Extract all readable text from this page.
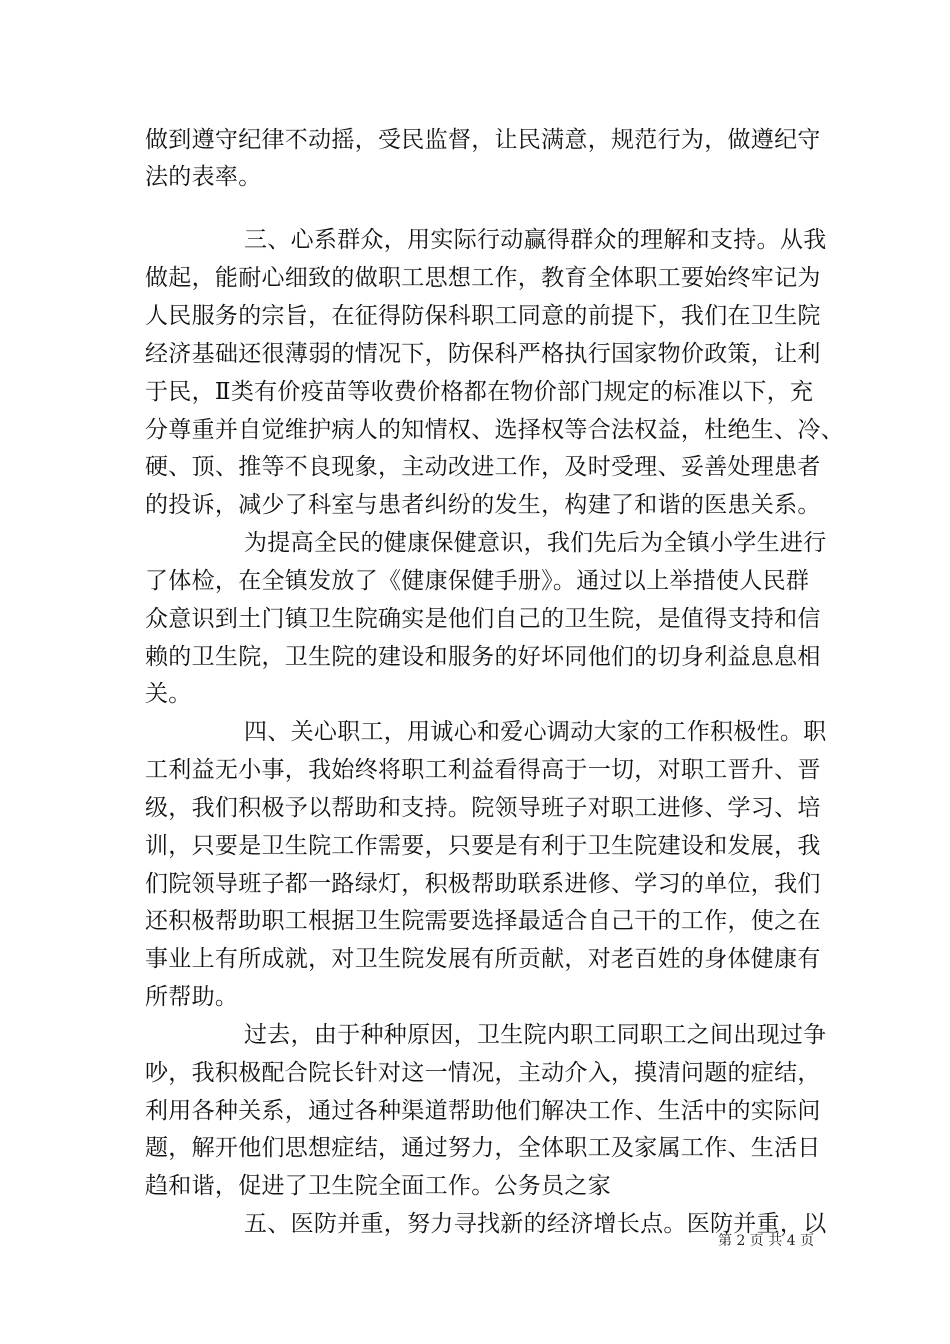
做到遵守纪律不动摇，受民监督，让民满意，规范行为，做遵纪守
法的表率。
三、心系群众，用实际行动赢得群众的理解和支持。从我
做起，能耐心细致的做职工思想工作，教育全体职工要始终牢记为
人民服务的宗旨，在征得防保科职工同意的前提下，我们在卫生院
经济基础还很薄弱的情况下，防保科严格执行国家物价政策，让利
于民，Ⅱ类有价疫苗等收费价格都在物价部门规定的标准以下，充
分尊重并自觉维护病人的知情权、选择权等合法权益，杜绝生、冷、
硬、顶、推等不良现象，主动改进工作，及时受理、妥善处理患者
的投诉，减少了科室与患者纠纷的发生，构建了和谐的医患关系。
为提高全民的健康保健意识，我们先后为全镇小学生进行
了体检，在全镇发放了《健康保健手册》。通过以上举措使人民群
众意识到土门镇卫生院确实是他们自己的卫生院，是值得支持和信
赖的卫生院，卫生院的建设和服务的好坏同他们的切身利益息息相
关。
四、关心职工，用诚心和爱心调动大家的工作积极性。职
工利益无小事，我始终将职工利益看得高于一切，对职工晋升、晋
级，我们积极予以帮助和支持。院领导班子对职工进修、学习、培
训，只要是卫生院工作需要，只要是有利于卫生院建设和发展，我
们院领导班子都一路绿灯，积极帮助联系进修、学习的单位，我们
还积极帮助职工根据卫生院需要选择最适合自己干的工作，使之在
事业上有所成就，对卫生院发展有所贡献，对老百姓的身体健康有
所帮助。
过去，由于种种原因，卫生院内职工同职工之间出现过争
吵，我积极配合院长针对这一情况，主动介入，摸清问题的症结，
利用各种关系，通过各种渠道帮助他们解决工作、生活中的实际问
题，解开他们思想症结，通过努力，全体职工及家属工作、生活日
趋和谐，促进了卫生院全面工作。公务员之家
五、医防并重，努力寻找新的经济增长点。医防并重，以
第 2 页 共 4 页
